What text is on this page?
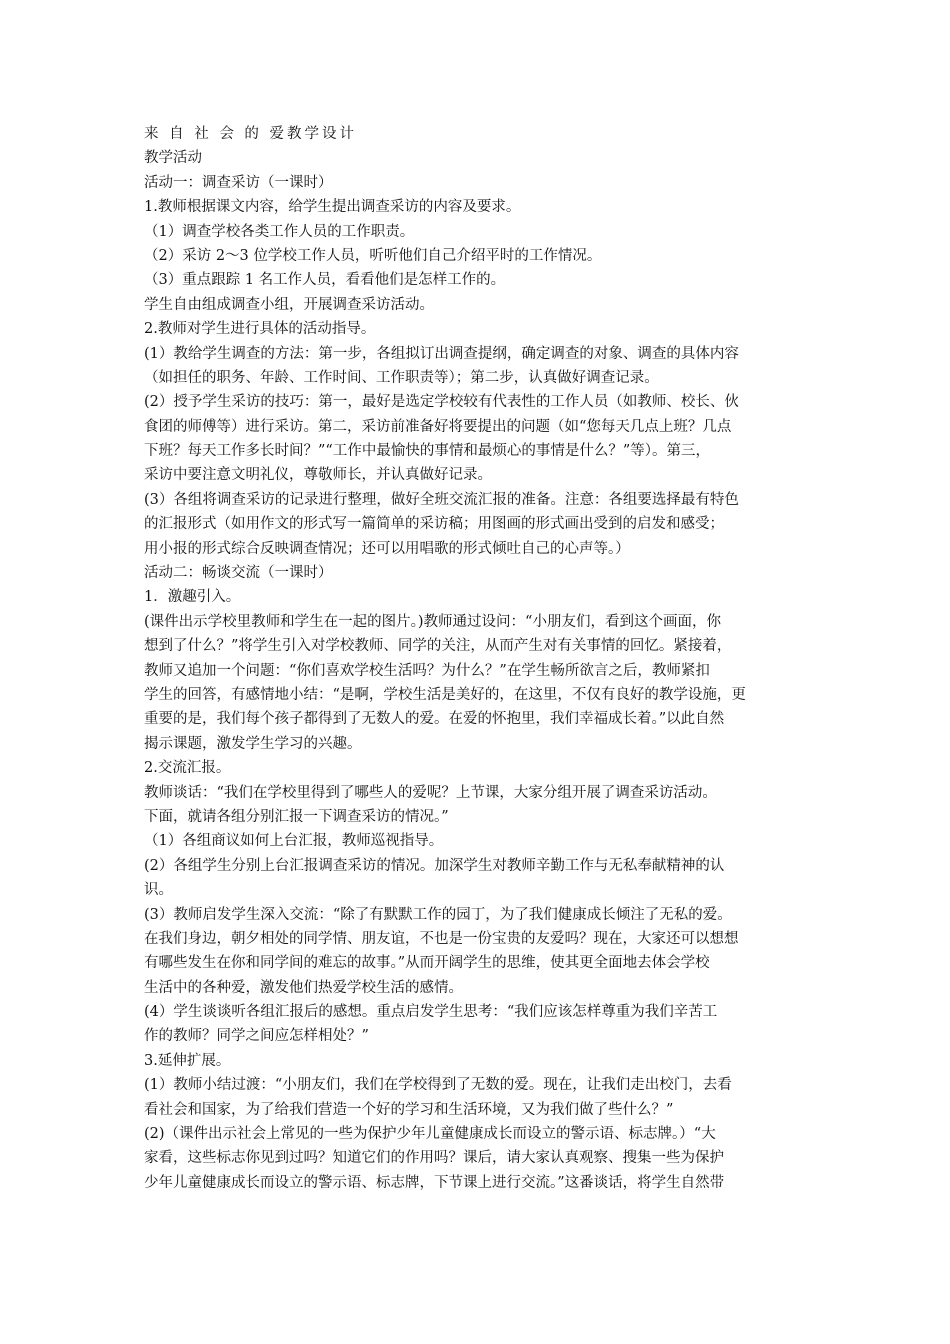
来 自 社 会 的 爱教学设计
教学活动
活动一：调查采访（一课时）
1.教师根据课文内容，给学生提出调查采访的内容及要求。
（1）调查学校各类工作人员的工作职责。
（2）采访 2～3 位学校工作人员，听听他们自己介绍平时的工作情况。
（3）重点跟踪 1 名工作人员，看看他们是怎样工作的。
学生自由组成调查小组，开展调查采访活动。
2.教师对学生进行具体的活动指导。
(1）教给学生调查的方法：第一步，各组拟订出调查提纲，确定调查的对象、调查的具体内容
（如担任的职务、年龄、工作时间、工作职责等）；第二步，认真做好调查记录。
(2）授予学生采访的技巧：第一，最好是选定学校较有代表性的工作人员（如教师、校长、伙
食团的师傅等）进行采访。第二，采访前准备好将要提出的问题（如“您每天几点上班？几点
下班？每天工作多长时间？”“工作中最愉快的事情和最烦心的事情是什么？”等）。第三，
采访中要注意文明礼仪，尊敬师长，并认真做好记录。
(3）各组将调查采访的记录进行整理，做好全班交流汇报的准备。注意：各组要选择最有特色
的汇报形式（如用作文的形式写一篇简单的采访稿；用图画的形式画出受到的启发和感受；
用小报的形式综合反映调查情况；还可以用唱歌的形式倾吐自己的心声等。）
活动二：畅谈交流（一课时）
1．激趣引入。
(课件出示学校里教师和学生在一起的图片。)教师通过设问：“小朋友们，看到这个画面，你
想到了什么？”将学生引入对学校教师、同学的关注，从而产生对有关事情的回忆。紧接着，
教师又追加一个问题：“你们喜欢学校生活吗？为什么？”在学生畅所欲言之后，教师紧扣
学生的回答，有感情地小结：“是啊，学校生活是美好的，在这里，不仅有良好的教学设施，更
重要的是，我们每个孩子都得到了无数人的爱。在爱的怀抱里，我们幸福成长着。”以此自然
揭示课题，激发学生学习的兴趣。
2.交流汇报。
教师谈话：“我们在学校里得到了哪些人的爱呢？上节课，大家分组开展了调查采访活动。
下面，就请各组分别汇报一下调查采访的情况。”
（1）各组商议如何上台汇报，教师巡视指导。
(2）各组学生分别上台汇报调查采访的情况。加深学生对教师辛勤工作与无私奉献精神的认
识。
(3）教师启发学生深入交流：“除了有默默工作的园丁，为了我们健康成长倾注了无私的爱。
在我们身边，朝夕相处的同学情、朋友谊，不也是一份宝贵的友爱吗？现在，大家还可以想想
有哪些发生在你和同学间的难忘的故事。”从而开阔学生的思维，使其更全面地去体会学校
生活中的各种爱，激发他们热爱学校生活的感情。
(4）学生谈谈听各组汇报后的感想。重点启发学生思考：“我们应该怎样尊重为我们辛苦工
作的教师？同学之间应怎样相处？”
3.延伸扩展。
(1）教师小结过渡：“小朋友们，我们在学校得到了无数的爱。现在，让我们走出校门，去看
看社会和国家，为了给我们营造一个好的学习和生活环境，又为我们做了些什么？”
(2)（课件出示社会上常见的一些为保护少年儿童健康成长而设立的警示语、标志牌。）“大
家看，这些标志你见到过吗？知道它们的作用吗？课后，请大家认真观察、搜集一些为保护
少年儿童健康成长而设立的警示语、标志牌，下节课上进行交流。”这番谈话，将学生自然带
